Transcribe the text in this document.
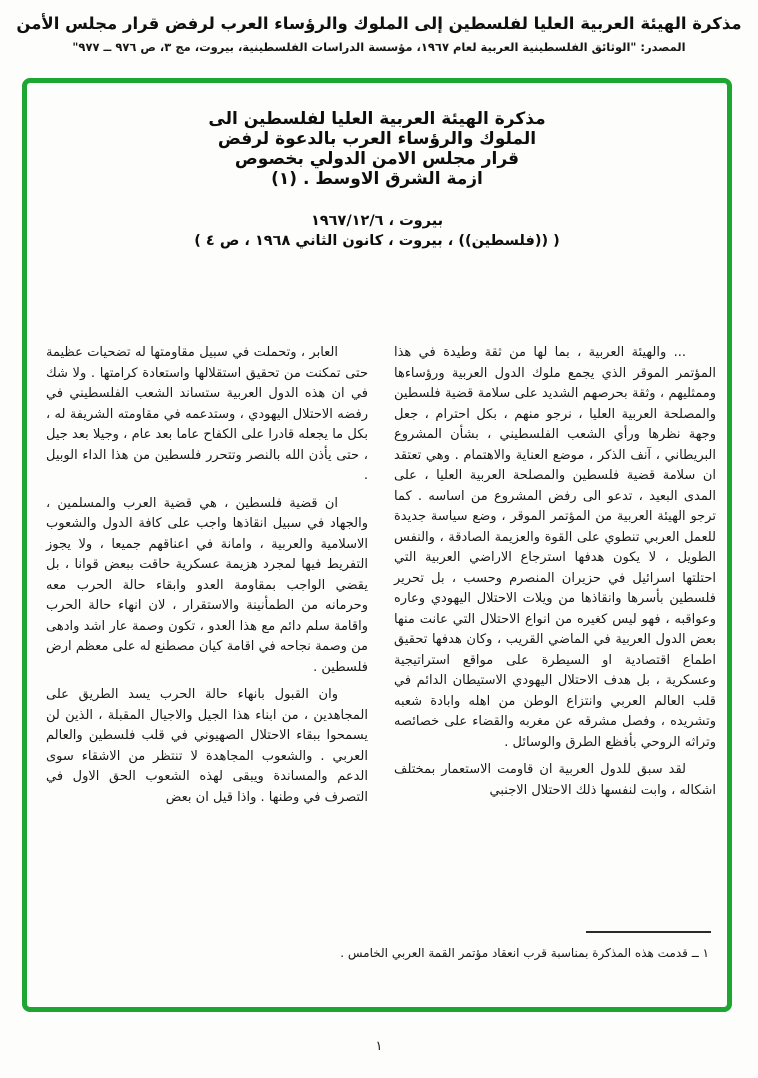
مذكرة الهيئة العربية العليا لفلسطين إلى الملوك والرؤساء العرب لرفض قرار مجلس الأمن
المصدر: "الوثائق الفلسطينية العربية لعام ١٩٦٧، مؤسسة الدراسات الفلسطينية، بيروت، مج ٣، ص ٩٧٦ ــ ٩٧٧"
مذكرة الهيئة العربية العليا لفلسطين الى
الملوك والرؤساء العرب بالدعوة لرفض
قرار مجلس الامن الدولي بخصوص
ازمة الشرق الاوسط . (١)
بيروت ، ١٩٦٧/١٢/٦
( ((فلسطين)) ، بيروت ، كانون الثاني ١٩٦٨ ، ص ٤ )

... والهيئة العربية ، بما لها من ثقة وطيدة في هذا المؤتمر الموقر الذي يجمع ملوك الدول العربية ورؤساءها وممثليهم ، وثقة بحرصهم الشديد على سلامة قضية فلسطين والمصلحة العربية العليا ، نرجو منهم ، بكل احترام ، جعل وجهة نظرها ورأي الشعب الفلسطيني ، بشأن المشروع البريطاني ، آنف الذكر ، موضع العناية والاهتمام . وهي تعتقد ان سلامة قضية فلسطين والمصلحة العربية العليا ، على المدى البعيد ، تدعو الى رفض المشروع من اساسه . كما ترجو الهيئة العربية من المؤتمر الموقر ، وضع سياسة جديدة للعمل العربي تنطوي على القوة والعزيمة الصادقة ، والنفس الطويل ، لا يكون هدفها استرجاع الاراضي العربية التي احتلتها اسرائيل في حزيران المنصرم وحسب ، بل تحرير فلسطين بأسرها وانقاذها من ويلات الاحتلال اليهودي وعاره وعواقبه ، فهو ليس كغيره من انواع الاحتلال التي عانت منها بعض الدول العربية في الماضي القريب ، وكان هدفها تحقيق اطماع اقتصادية او السيطرة على مواقع استراتيجية وعسكرية ، بل هدف الاحتلال اليهودي الاستيطان الدائم في قلب العالم العربي وانتزاع الوطن من اهله وابادة شعبه وتشريده ، وفصل مشرقه عن مغربه والقضاء على خصائصه وتراثه الروحي بأفظع الطرق والوسائل .

لقد سبق للدول العربية ان قاومت الاستعمار بمختلف اشكاله ، وابت لنفسها ذلك الاحتلال الاجنبي

العابر ، وتحملت في سبيل مقاومتها له تضحيات عظيمة حتى تمكنت من تحقيق استقلالها واستعادة كرامتها . ولا شك في ان هذه الدول العربية ستساند الشعب الفلسطيني في رفضه الاحتلال اليهودي ، وستدعمه في مقاومته الشريفة له ، بكل ما يجعله قادرا على الكفاح عاما بعد عام ، وجيلا بعد جيل ، حتى يأذن الله بالنصر وتتحرر فلسطين من هذا الداء الوبيل .

ان قضية فلسطين ، هي قضية العرب والمسلمين ، والجهاد في سبيل انقاذها واجب على كافة الدول والشعوب الاسلامية والعربية ، وامانة في اعناقهم جميعا ، ولا يجوز التفريط فيها لمجرد هزيمة عسكرية حاقت ببعض قوانا ، بل يقضي الواجب بمقاومة العدو وابقاء حالة الحرب معه وحرمانه من الطمأنينة والاستقرار ، لان انهاء حالة الحرب واقامة سلم دائم مع هذا العدو ، تكون وصمة عار اشد وادهى من وصمة نجاحه في اقامة كيان مصطنع له على معظم ارض فلسطين .

وان القبول بانهاء حالة الحرب يسد الطريق على المجاهدين ، من ابناء هذا الجيل والاجيال المقبلة ، الذين لن يسمحوا ببقاء الاحتلال الصهيوني في قلب فلسطين والعالم العربي . والشعوب المجاهدة لا تنتظر من الاشقاء سوى الدعم والمساندة ويبقى لهذه الشعوب الحق الاول في التصرف في وطنها . واذا قيل ان بعض

١ ــ قدمت هذه المذكرة بمناسبة قرب انعقاد مؤتمر القمة العربي الخامس .
١
